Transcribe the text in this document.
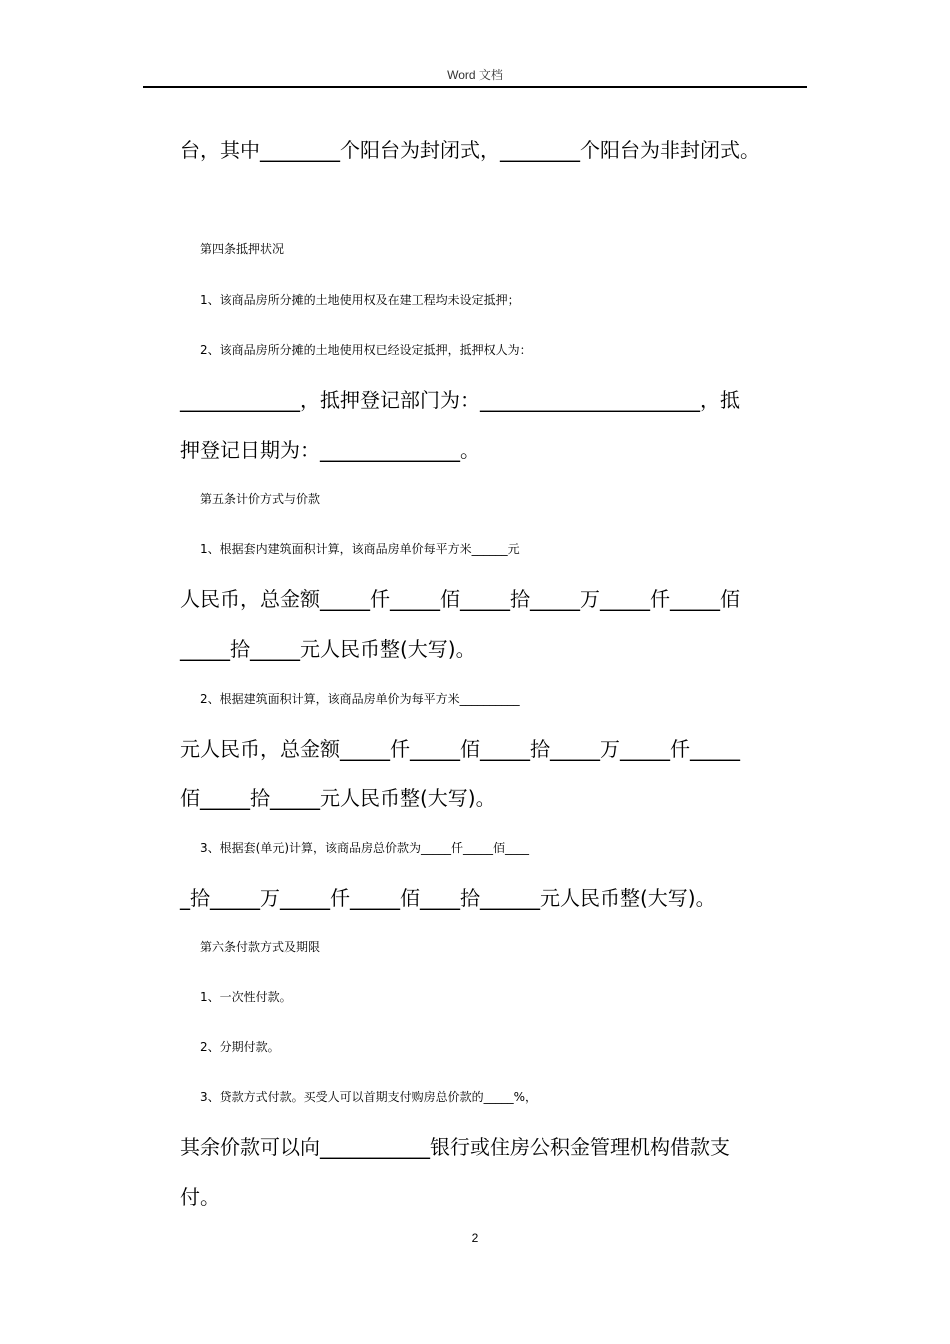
Word 文档
台，其中________个阳台为封闭式，________个阳台为非封闭式。
第四条抵押状况
1、该商品房所分摊的土地使用权及在建工程均未设定抵押；
2、该商品房所分摊的土地使用权已经设定抵押，抵押权人为：
____________，抵押登记部门为：______________________，抵
押登记日期为：______________。
第五条计价方式与价款
1、根据套内建筑面积计算，该商品房单价每平方米______元
人民币，总金额_____仟_____佰_____拾_____万_____仟_____佰
_____拾_____元人民币整(大写)。
2、根据建筑面积计算，该商品房单价为每平方米__________
元人民币，总金额_____仟_____佰_____拾_____万_____仟_____
佰_____拾_____元人民币整(大写)。
3、根据套(单元)计算，该商品房总价款为_____仟_____佰____
_拾_____万_____仟_____佰____拾______元人民币整(大写)。
第六条付款方式及期限
1、一次性付款。
2、分期付款。
3、贷款方式付款。买受人可以首期支付购房总价款的_____%，
其余价款可以向___________银行或住房公积金管理机构借款支
付。
2
